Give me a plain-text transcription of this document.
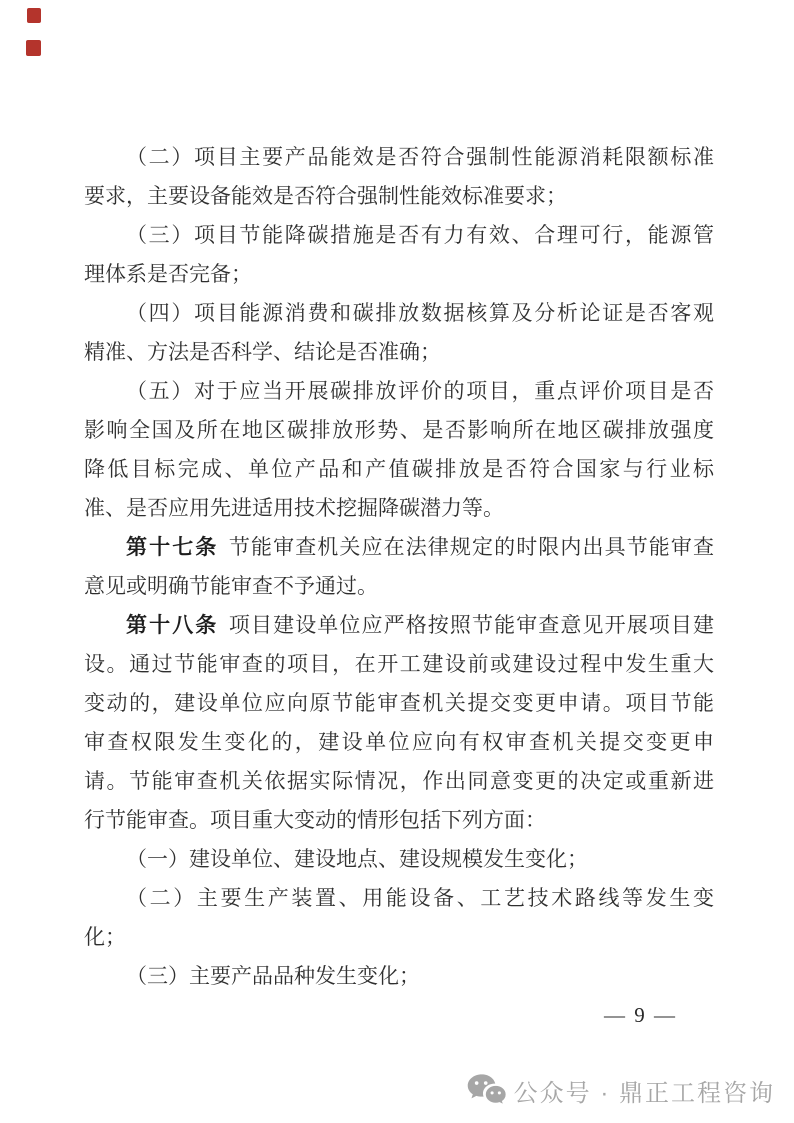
（二）项目主要产品能效是否符合强制性能源消耗限额标准
要求，主要设备能效是否符合强制性能效标准要求；
（三）项目节能降碳措施是否有力有效、合理可行，能源管
理体系是否完备；
（四）项目能源消费和碳排放数据核算及分析论证是否客观
精准、方法是否科学、结论是否准确；
（五）对于应当开展碳排放评价的项目，重点评价项目是否
影响全国及所在地区碳排放形势、是否影响所在地区碳排放强度
降低目标完成、单位产品和产值碳排放是否符合国家与行业标
准、是否应用先进适用技术挖掘降碳潜力等。
第十七条 节能审查机关应在法律规定的时限内出具节能审查
意见或明确节能审查不予通过。
第十八条 项目建设单位应严格按照节能审查意见开展项目建
设。通过节能审查的项目，在开工建设前或建设过程中发生重大
变动的，建设单位应向原节能审查机关提交变更申请。项目节能
审查权限发生变化的，建设单位应向有权审查机关提交变更申
请。节能审查机关依据实际情况，作出同意变更的决定或重新进
行节能审查。项目重大变动的情形包括下列方面：
（一）建设单位、建设地点、建设规模发生变化；
（二）主要生产装置、用能设备、工艺技术路线等发生变
化；
（三）主要产品品种发生变化；
— 9 —
公众号 · 鼎正工程咨询
